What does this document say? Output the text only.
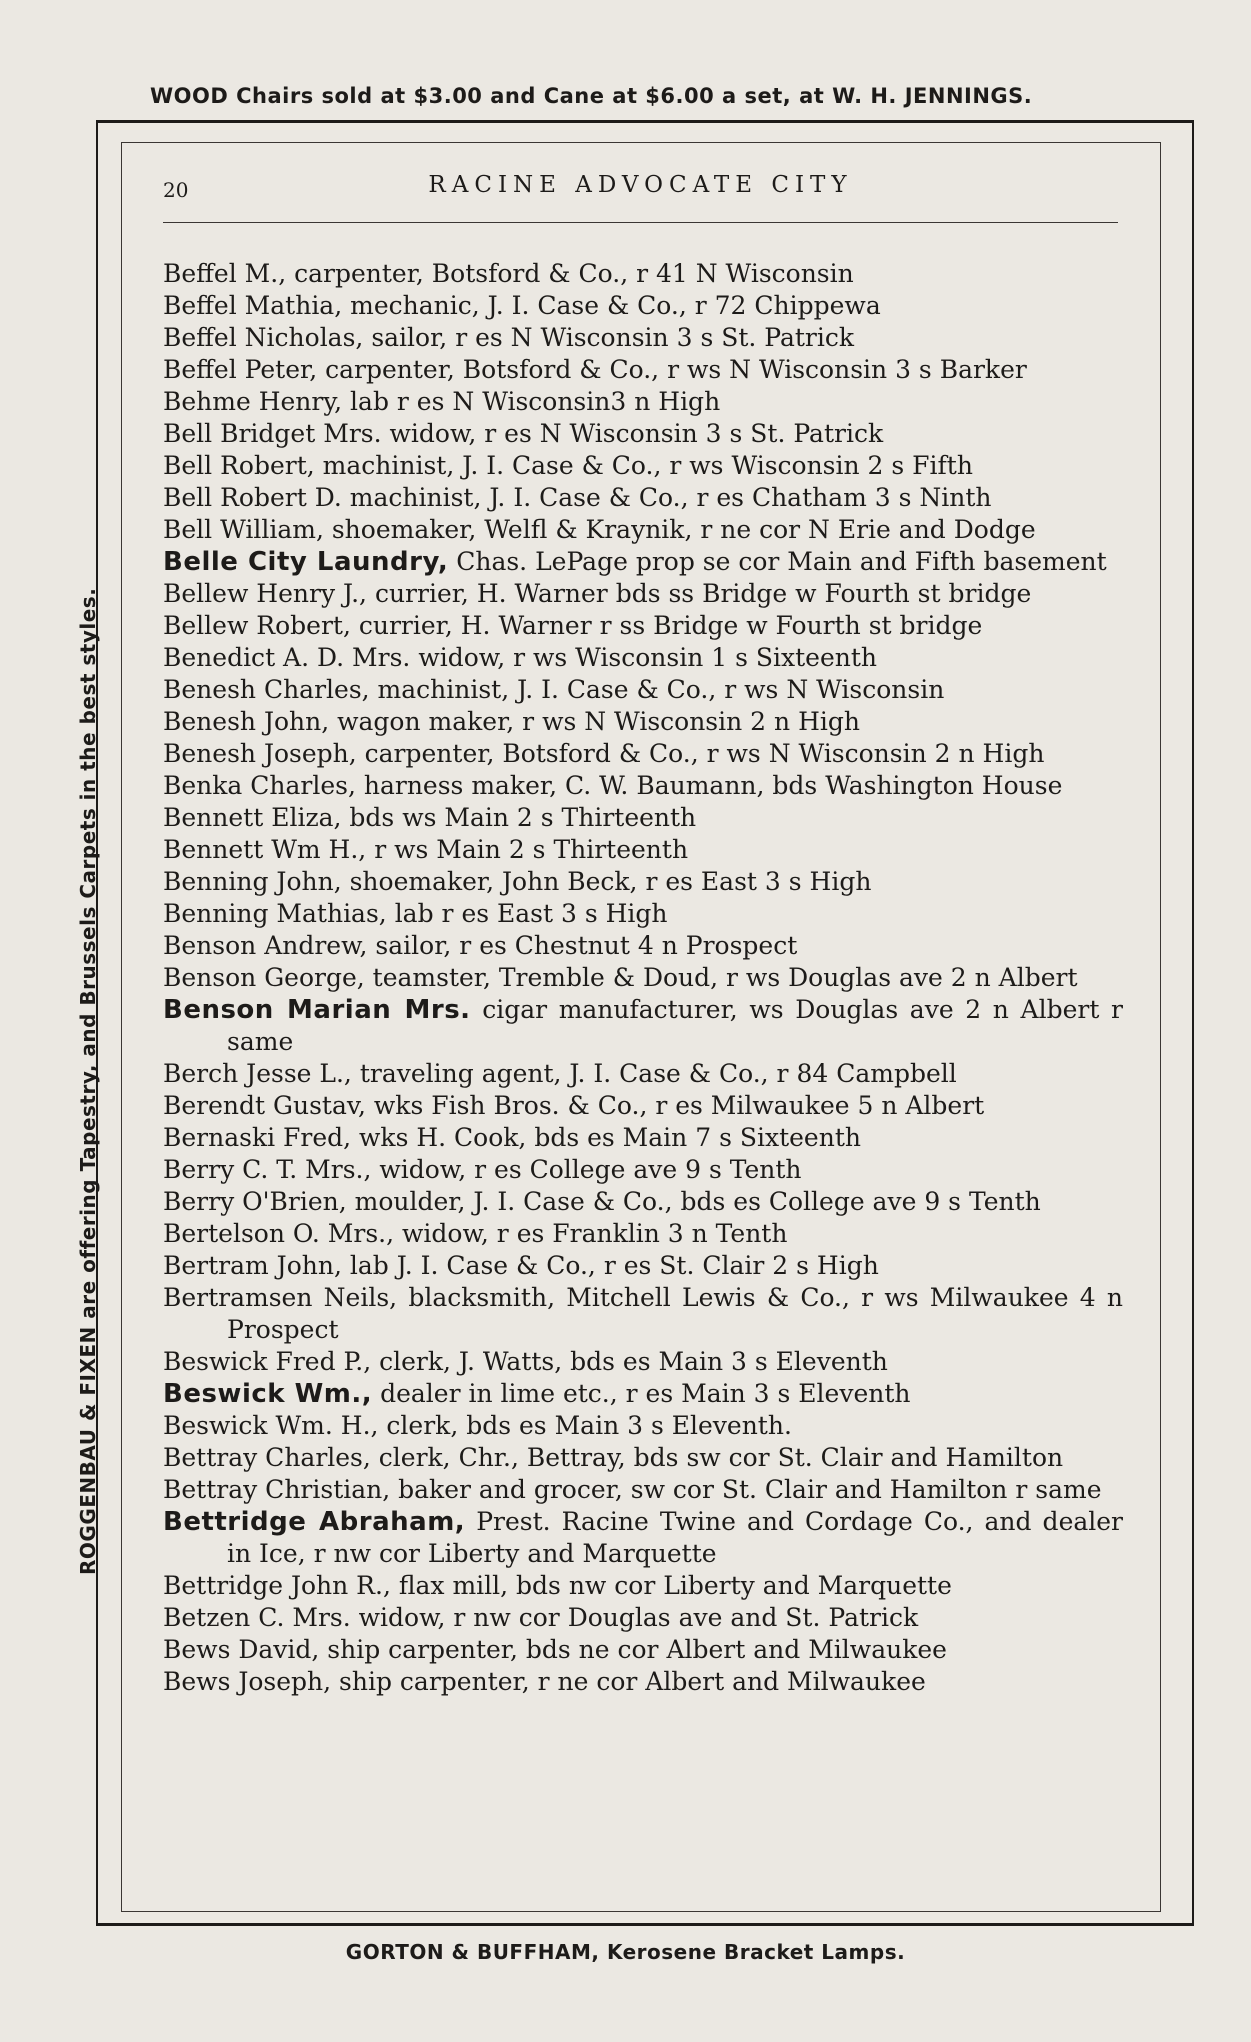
WOOD Chairs sold at $3.00 and Cane at $6.00 a set, at W. H. JENNINGS.
ROGGENBAU & FIXEN are offering Tapestry, and Brussels Carpets in the best styles.
20	RACINE ADVOCATE CITY
Beffel M., carpenter, Botsford & Co., r 41 N Wisconsin
Beffel Mathia, mechanic, J. I. Case & Co., r 72 Chippewa
Beffel Nicholas, sailor, r es N Wisconsin 3 s St. Patrick
Beffel Peter, carpenter, Botsford & Co., r ws N Wisconsin 3 s Barker
Behme Henry, lab r es N Wisconsin3 n High
Bell Bridget Mrs. widow, r es N Wisconsin 3 s St. Patrick
Bell Robert, machinist, J. I. Case & Co., r ws Wisconsin 2 s Fifth
Bell Robert D. machinist, J. I. Case & Co., r es Chatham 3 s Ninth
Bell William, shoemaker, Welfl & Kraynik, r ne cor N Erie and Dodge
Belle City Laundry, Chas. LePage prop se cor Main and Fifth basement
Bellew Henry J., currier, H. Warner bds ss Bridge w Fourth st bridge
Bellew Robert, currier, H. Warner r ss Bridge w Fourth st bridge
Benedict A. D. Mrs. widow, r ws Wisconsin 1 s Sixteenth
Benesh Charles, machinist, J. I. Case & Co., r ws N Wisconsin
Benesh John, wagon maker, r ws N Wisconsin 2 n High
Benesh Joseph, carpenter, Botsford & Co., r ws N Wisconsin 2 n High
Benka Charles, harness maker, C. W. Baumann, bds Washington House
Bennett Eliza, bds ws Main 2 s Thirteenth
Bennett Wm H., r ws Main 2 s Thirteenth
Benning John, shoemaker, John Beck, r es East 3 s High
Benning Mathias, lab r es East 3 s High
Benson Andrew, sailor, r es Chestnut 4 n Prospect
Benson George, teamster, Tremble & Doud, r ws Douglas ave 2 n Albert
Benson Marian Mrs. cigar manufacturer, ws Douglas ave 2 n Albert r same
Berch Jesse L., traveling agent, J. I. Case & Co., r 84 Campbell
Berendt Gustav, wks Fish Bros. & Co., r es Milwaukee 5 n Albert
Bernaski Fred, wks H. Cook, bds es Main 7 s Sixteenth
Berry C. T. Mrs., widow, r es College ave 9 s Tenth
Berry O'Brien, moulder, J. I. Case & Co., bds es College ave 9 s Tenth
Bertelson O. Mrs., widow, r es Franklin 3 n Tenth
Bertram John, lab J. I. Case & Co., r es St. Clair 2 s High
Bertramsen Neils, blacksmith, Mitchell Lewis & Co., r ws Milwaukee 4 n Prospect
Beswick Fred P., clerk, J. Watts, bds es Main 3 s Eleventh
Beswick Wm., dealer in lime etc., r es Main 3 s Eleventh
Beswick Wm. H., clerk, bds es Main 3 s Eleventh.
Bettray Charles, clerk, Chr., Bettray, bds sw cor St. Clair and Hamilton
Bettray Christian, baker and grocer, sw cor St. Clair and Hamilton r same
Bettridge Abraham, Prest. Racine Twine and Cordage Co., and dealer in Ice, r nw cor Liberty and Marquette
Bettridge John R., flax mill, bds nw cor Liberty and Marquette
Betzen C. Mrs. widow, r nw cor Douglas ave and St. Patrick
Bews David, ship carpenter, bds ne cor Albert and Milwaukee
Bews Joseph, ship carpenter, r ne cor Albert and Milwaukee
GORTON & BUFFHAM, Kerosene Bracket Lamps.
